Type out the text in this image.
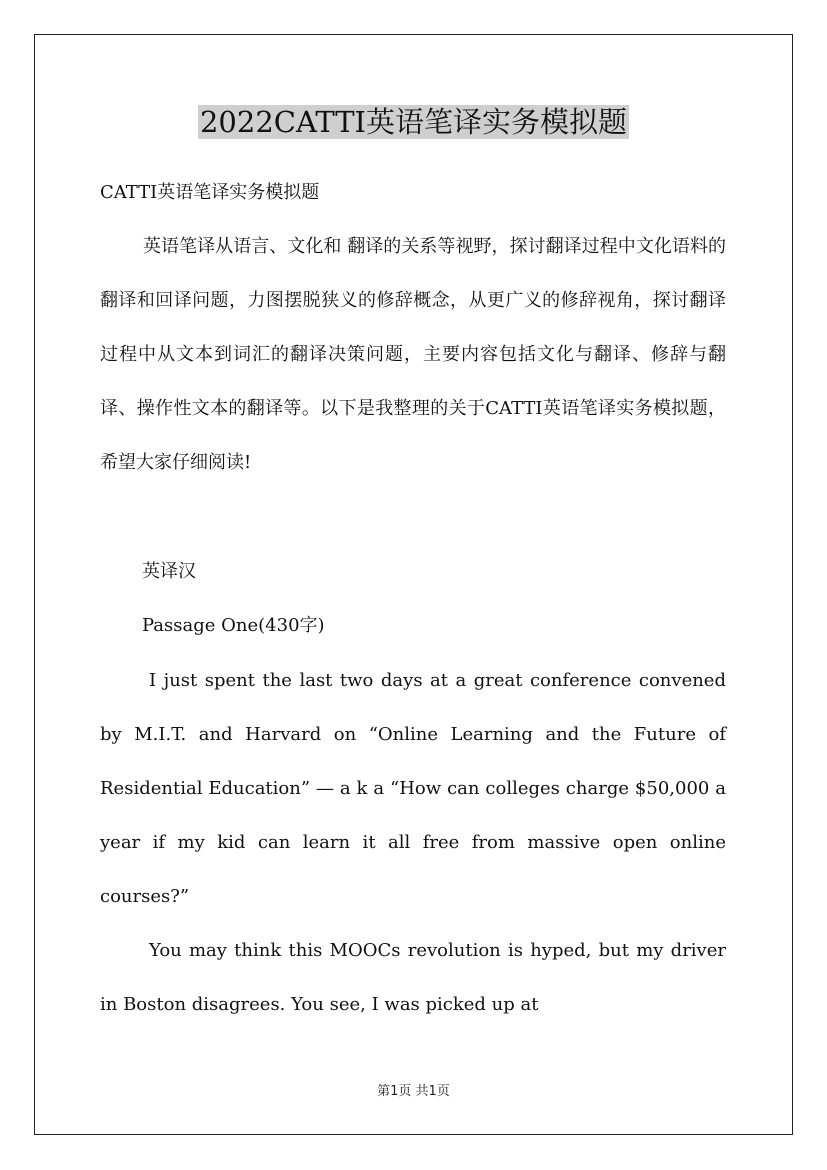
2022CATTI英语笔译实务模拟题
CATTI英语笔译实务模拟题

英语笔译从语言、文化和 翻译的关系等视野，探讨翻译过程中文化语料的翻译和回译问题，力图摆脱狭义的修辞概念，从更广义的修辞视角，探讨翻译过程中从文本到词汇的翻译决策问题，主要内容包括文化与翻译、修辞与翻译、操作性文本的翻译等。以下是我整理的关于CATTI英语笔译实务模拟题，希望大家仔细阅读!

英译汉
Passage One(430字)

I just spent the last two days at a great conference convened by M.I.T. and Harvard on “Online Learning and the Future of Residential Education” — a k a “How can colleges charge $50,000 a year if my kid can learn it all free from massive open online courses?”

You may think this MOOCs revolution is hyped, but my driver in Boston disagrees. You see, I was picked up at

第1页 共1页
